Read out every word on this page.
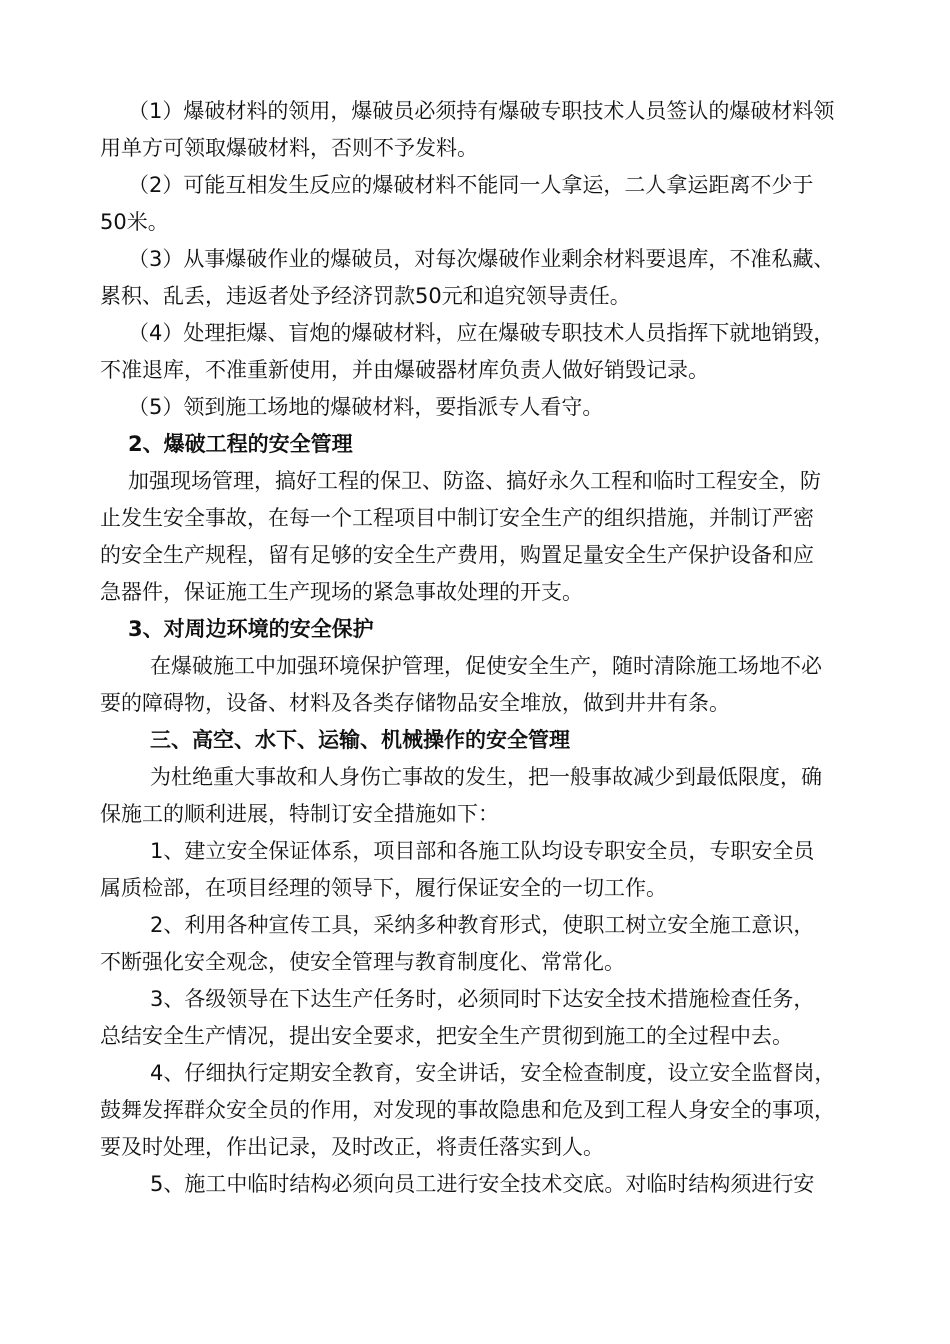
（1）爆破材料的领用，爆破员必须持有爆破专职技术人员签认的爆破材料领
用单方可领取爆破材料，否则不予发料。
（2）可能互相发生反应的爆破材料不能同一人拿运，二人拿运距离不少于
50米。
（3）从事爆破作业的爆破员，对每次爆破作业剩余材料要退库，不准私藏、
累积、乱丢，违返者处予经济罚款50元和追究领导责任。
（4）处理拒爆、盲炮的爆破材料，应在爆破专职技术人员指挥下就地销毁，
不准退库，不准重新使用，并由爆破器材库负责人做好销毁记录。
（5）领到施工场地的爆破材料，要指派专人看守。
2、爆破工程的安全管理
加强现场管理，搞好工程的保卫、防盗、搞好永久工程和临时工程安全，防
止发生安全事故，在每一个工程项目中制订安全生产的组织措施，并制订严密
的安全生产规程，留有足够的安全生产费用，购置足量安全生产保护设备和应
急器件，保证施工生产现场的紧急事故处理的开支。
3、对周边环境的安全保护
在爆破施工中加强环境保护管理，促使安全生产，随时清除施工场地不必
要的障碍物，设备、材料及各类存储物品安全堆放，做到井井有条。
三、高空、水下、运输、机械操作的安全管理
为杜绝重大事故和人身伤亡事故的发生，把一般事故减少到最低限度，确
保施工的顺利进展，特制订安全措施如下：
1、建立安全保证体系，项目部和各施工队均设专职安全员，专职安全员
属质检部，在项目经理的领导下，履行保证安全的一切工作。
2、利用各种宣传工具，采纳多种教育形式，使职工树立安全施工意识，
不断强化安全观念，使安全管理与教育制度化、常常化。
3、各级领导在下达生产任务时，必须同时下达安全技术措施检查任务，
总结安全生产情况，提出安全要求，把安全生产贯彻到施工的全过程中去。
4、仔细执行定期安全教育，安全讲话，安全检查制度，设立安全监督岗，
鼓舞发挥群众安全员的作用，对发现的事故隐患和危及到工程人身安全的事项，
要及时处理，作出记录，及时改正，将责任落实到人。
5、施工中临时结构必须向员工进行安全技术交底。对临时结构须进行安
